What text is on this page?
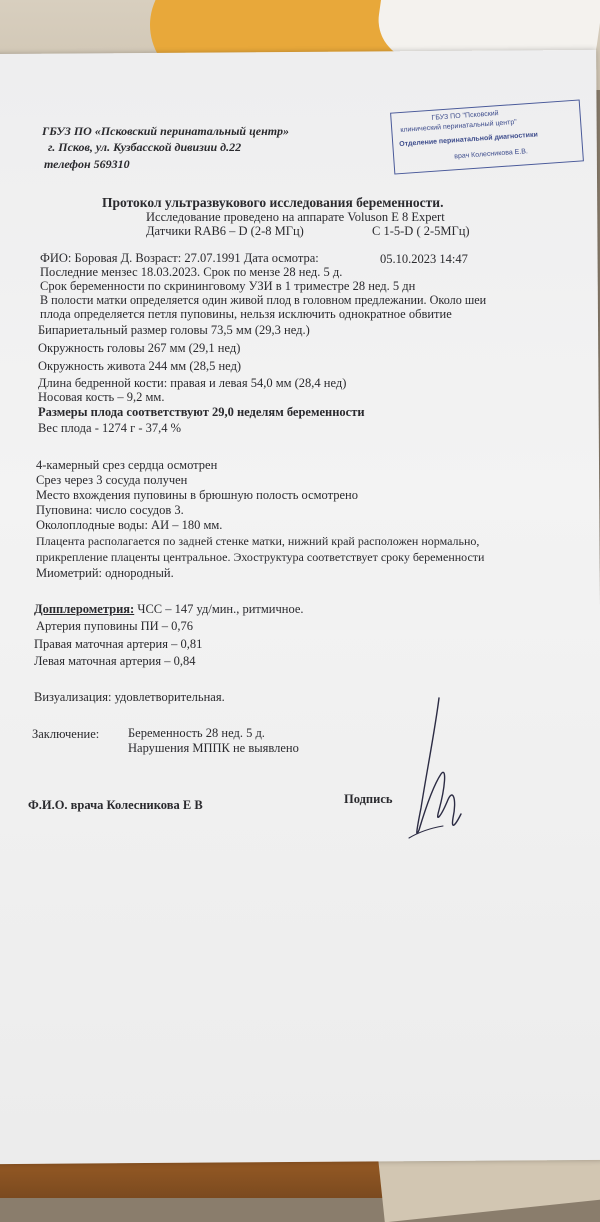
ГБУЗ ПО «Псковский перинатальный центр»
г. Псков, ул. Кузбасской дивизии д.22
телефон 569310
ГБУЗ ПО "Псковский
клинический перинатальный центр"
Отделение перинатальной диагностики
врач Колесникова Е.В.
Протокол ультразвукового исследования беременности.
Исследование проведено на аппарате Voluson E 8 Expert
Датчики RAB6 – D (2-8 МГц)	С 1-5-D ( 2-5МГц)
ФИО: Боровая Д. Возраст: 27.07.1991 Дата осмотра:	05.10.2023 14:47
Последние мензес 18.03.2023. Срок по мензе 28 нед. 5 д.
Срок беременности по скрининговому УЗИ в 1 триместре 28 нед. 5 дн
В полости матки определяется один живой плод в головном предлежании. Около шеи
плода определяется петля пуповины, нельзя исключить однократное обвитие
Бипариетальный размер головы 73,5 мм (29,3 нед.)
Окружность головы 267 мм (29,1 нед)
Окружность живота 244 мм (28,5 нед)
Длина бедренной кости: правая и левая 54,0 мм (28,4 нед)
Носовая кость – 9,2 мм.
Размеры плода соответствуют 29,0 неделям беременности
Вес плода - 1274 г - 37,4 %
4-камерный срез сердца осмотрен
Срез через 3 сосуда получен
Место вхождения пуповины в брюшную полость осмотрено
Пуповина: число сосудов 3.
Околоплодные воды: АИ – 180 мм.
Плацента располагается по задней стенке матки, нижний край расположен нормально,
прикрепление плаценты центральное. Эхоструктура соответствует сроку беременности
Миометрий: однородный.
Допплерометрия: ЧСС – 147 уд/мин., ритмичное.
Артерия пуповины ПИ – 0,76
Правая маточная артерия – 0,81
Левая маточная артерия – 0,84
Визуализация: удовлетворительная.
Заключение: Беременность 28 нед. 5 д.
Нарушения МППК не выявлено
Ф.И.О. врача Колесникова Е В	Подпись
